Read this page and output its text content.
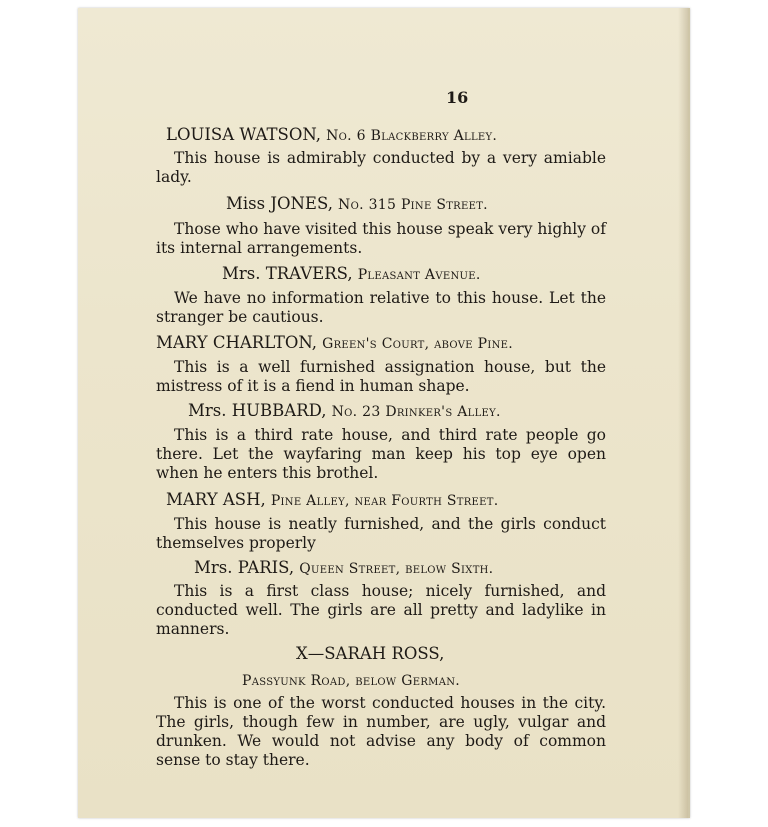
16
LOUISA WATSON, No. 6 Blackberry Alley.
This house is admirably conducted by a very amiable lady.
Miss JONES, No. 315 Pine Street.
Those who have visited this house speak very highly of its internal arrangements.
Mrs. TRAVERS, Pleasant Avenue.
We have no information relative to this house. Let the stranger be cautious.
MARY CHARLTON, Green's Court, above Pine.
This is a well furnished assignation house, but the mistress of it is a fiend in human shape.
Mrs. HUBBARD, No. 23 Drinker's Alley.
This is a third rate house, and third rate people go there. Let the wayfaring man keep his top eye open when he enters this brothel.
MARY ASH, Pine Alley, near Fourth Street.
This house is neatly furnished, and the girls conduct themselves properly
Mrs. PARIS, Queen Street, below Sixth.
This is a first class house; nicely furnished, and conducted well. The girls are all pretty and ladylike in manners.
X—SARAH ROSS,
Passyunk Road, below German.
This is one of the worst conducted houses in the city. The girls, though few in number, are ugly, vulgar and drunken. We would not advise any body of common sense to stay there.
